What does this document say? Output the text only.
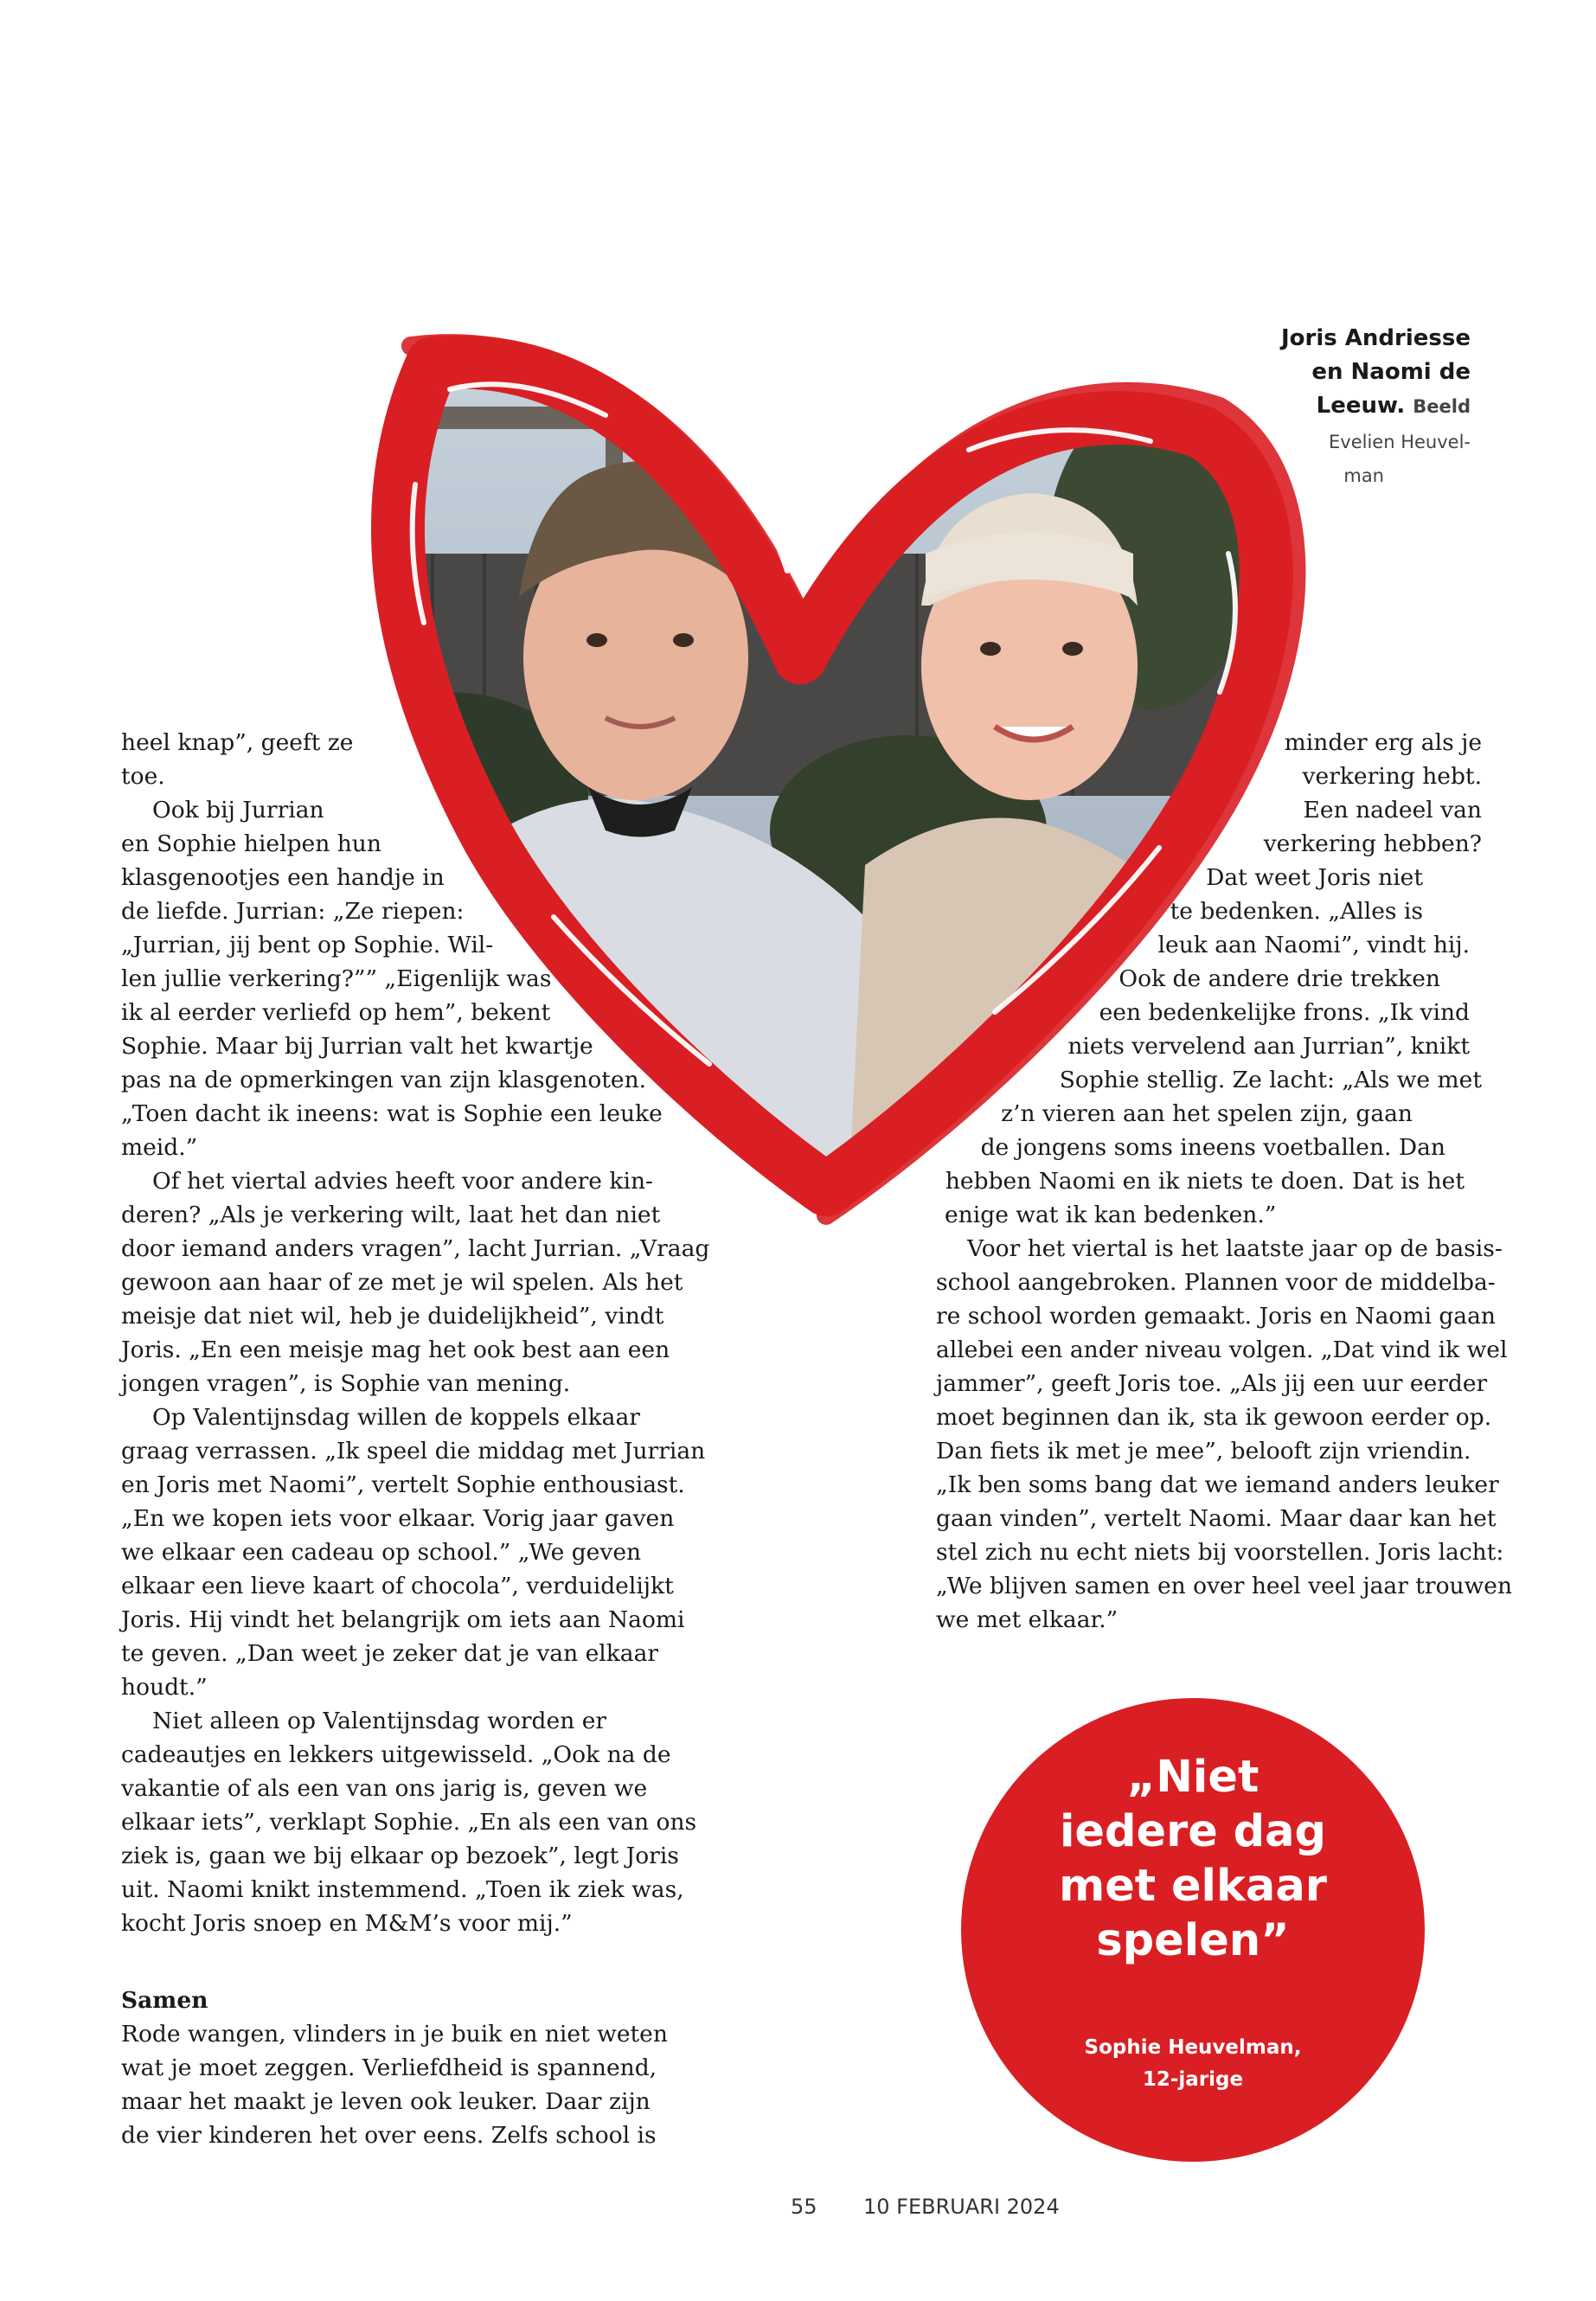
Joris Andriesse
en Naomi de
Leeuw. Beeld
Evelien Heuvel-
man
heel knap”, geeft ze
toe.
Ook bij Jurrian
en Sophie hielpen hun
klasgenootjes een handje in
de liefde. Jurrian: „Ze riepen:
„Jurrian, jij bent op Sophie. Wil-
len jullie verkering?”” „Eigenlijk was
ik al eerder verliefd op hem”, bekent
Sophie. Maar bij Jurrian valt het kwartje
pas na de opmerkingen van zijn klasgenoten.
„Toen dacht ik ineens: wat is Sophie een leuke
meid.”
Of het viertal advies heeft voor andere kin-
deren? „Als je verkering wilt, laat het dan niet
door iemand anders vragen”, lacht Jurrian. „Vraag
gewoon aan haar of ze met je wil spelen. Als het
meisje dat niet wil, heb je duidelijkheid”, vindt
Joris. „En een meisje mag het ook best aan een
jongen vragen”, is Sophie van mening.
Op Valentijnsdag willen de koppels elkaar
graag verrassen. „Ik speel die middag met Jurrian
en Joris met Naomi”, vertelt Sophie enthousiast.
„En we kopen iets voor elkaar. Vorig jaar gaven
we elkaar een cadeau op school.” „We geven
elkaar een lieve kaart of chocola”, verduidelijkt
Joris. Hij vindt het belangrijk om iets aan Naomi
te geven. „Dan weet je zeker dat je van elkaar
houdt.”
Niet alleen op Valentijnsdag worden er
cadeautjes en lekkers uitgewisseld. „Ook na de
vakantie of als een van ons jarig is, geven we
elkaar iets”, verklapt Sophie. „En als een van ons
ziek is, gaan we bij elkaar op bezoek”, legt Joris
uit. Naomi knikt instemmend. „Toen ik ziek was,
kocht Joris snoep en M&M’s voor mij.”
Samen
Rode wangen, vlinders in je buik en niet weten
wat je moet zeggen. Verliefdheid is spannend,
maar het maakt je leven ook leuker. Daar zijn
de vier kinderen het over eens. Zelfs school is
minder erg als je
verkering hebt.
Een nadeel van
verkering hebben?
Dat weet Joris niet
te bedenken. „Alles is
leuk aan Naomi”, vindt hij.
Ook de andere drie trekken
een bedenkelijke frons. „Ik vind
niets vervelend aan Jurrian”, knikt
Sophie stellig. Ze lacht: „Als we met
z’n vieren aan het spelen zijn, gaan
de jongens soms ineens voetballen. Dan
hebben Naomi en ik niets te doen. Dat is het
enige wat ik kan bedenken.”
Voor het viertal is het laatste jaar op de basis-
school aangebroken. Plannen voor de middelba-
re school worden gemaakt. Joris en Naomi gaan
allebei een ander niveau volgen. „Dat vind ik wel
jammer”, geeft Joris toe. „Als jij een uur eerder
moet beginnen dan ik, sta ik gewoon eerder op.
Dan fiets ik met je mee”, belooft zijn vriendin.
„Ik ben soms bang dat we iemand anders leuker
gaan vinden”, vertelt Naomi. Maar daar kan het
stel zich nu echt niets bij voorstellen. Joris lacht:
„We blijven samen en over heel veel jaar trouwen
we met elkaar.”
„Niet
iedere dag
met elkaar
spelen”
Sophie Heuvelman,
12-jarige
55 10 FEBRUARI 2024
